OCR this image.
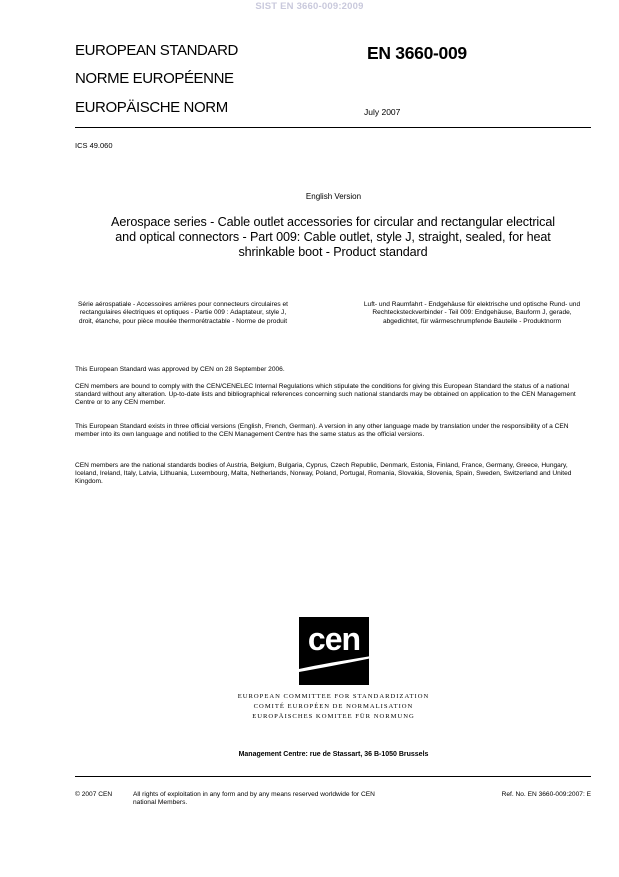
SIST EN 3660-009:2009
EUROPEAN STANDARD
NORME EUROPÉENNE
EUROPÄISCHE NORM
EN 3660-009
July 2007
ICS 49.060
English Version
Aerospace series - Cable outlet accessories for circular and rectangular electrical and optical connectors - Part 009: Cable outlet, style J, straight, sealed, for heat shrinkable boot - Product standard
Série aérospatiale - Accessoires arrières pour connecteurs circulaires et rectangulaires électriques et optiques - Partie 009 : Adaptateur, style J, droit, étanche, pour pièce moulée thermorétractable - Norme de produit
Luft- und Raumfahrt - Endgehäuse für elektrische und optische Rund- und Rechtecksteckverbinder - Teil 009: Endgehäuse, Bauform J, gerade, abgedichtet, für wärmeschrumpfende Bauteile - Produktnorm
This European Standard was approved by CEN on 28 September 2006.
CEN members are bound to comply with the CEN/CENELEC Internal Regulations which stipulate the conditions for giving this European Standard the status of a national standard without any alteration. Up-to-date lists and bibliographical references concerning such national standards may be obtained on application to the CEN Management Centre or to any CEN member.
This European Standard exists in three official versions (English, French, German). A version in any other language made by translation under the responsibility of a CEN member into its own language and notified to the CEN Management Centre has the same status as the official versions.
CEN members are the national standards bodies of Austria, Belgium, Bulgaria, Cyprus, Czech Republic, Denmark, Estonia, Finland, France, Germany, Greece, Hungary, Iceland, Ireland, Italy, Latvia, Lithuania, Luxembourg, Malta, Netherlands, Norway, Poland, Portugal, Romania, Slovakia, Slovenia, Spain, Sweden, Switzerland and United Kingdom.
cen
EUROPEAN COMMITTEE FOR STANDARDIZATION
COMITÉ EUROPÉEN DE NORMALISATION
EUROPÄISCHES KOMITEE FÜR NORMUNG
Management Centre: rue de Stassart, 36 B-1050 Brussels
© 2007 CEN	All rights of exploitation in any form and by any means reserved worldwide for CEN national Members.
Ref. No. EN 3660-009:2007: E
